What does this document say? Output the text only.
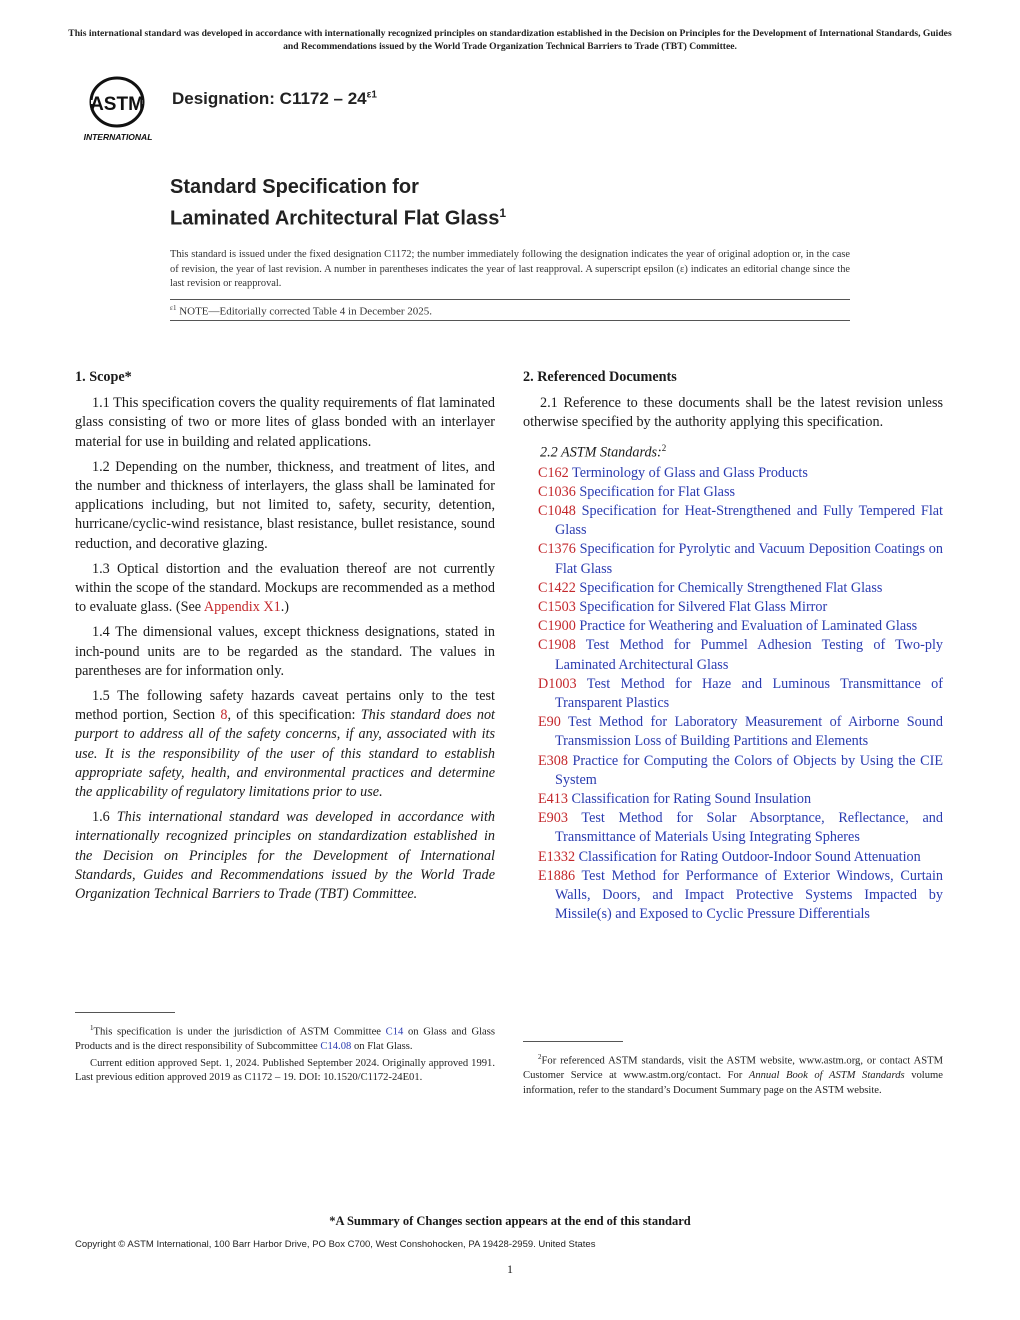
This international standard was developed in accordance with internationally recognized principles on standardization established in the Decision on Principles for the Development of International Standards, Guides and Recommendations issued by the World Trade Organization Technical Barriers to Trade (TBT) Committee.
ASTM
INTERNATIONAL
Designation: $C1172 - 24^{\varepsilon 1}$
Standard Specification for
Laminated Architectural Flat Glass$^1$
This standard is issued under the fixed designation C1172; the number immediately following the designation indicates the year of original adoption or, in the case of revision, the year of last revision. A number in parentheses indicates the year of last reapproval. A superscript epsilon (ε) indicates an editorial change since the last revision or reapproval.
$^{\varepsilon 1}$ NOTE—Editorially corrected Table 4 in December 2025.
1. Scope*

1.1 This specification covers the quality requirements of flat laminated glass consisting of two or more lites of glass bonded with an interlayer material for use in building and related applications.

1.2 Depending on the number, thickness, and treatment of lites, and the number and thickness of interlayers, the glass shall be laminated for applications including, but not limited to, safety, security, detention, hurricane/cyclic-wind resistance, blast resistance, bullet resistance, sound reduction, and decorative glazing.

1.3 Optical distortion and the evaluation thereof are not currently within the scope of the standard. Mockups are recommended as a method to evaluate glass. (See Appendix X1.)

1.4 The dimensional values, except thickness designations, stated in inch-pound units are to be regarded as the standard. The values in parentheses are for information only.

1.5 The following safety hazards caveat pertains only to the test method portion, Section 8, of this specification: This standard does not purport to address all of the safety concerns, if any, associated with its use. It is the responsibility of the user of this standard to establish appropriate safety, health, and environmental practices and determine the applicability of regulatory limitations prior to use.

1.6 This international standard was developed in accordance with internationally recognized principles on standardization established in the Decision on Principles for the Development of International Standards, Guides and Recommendations issued by the World Trade Organization Technical Barriers to Trade (TBT) Committee.

2. Referenced Documents

2.1 Reference to these documents shall be the latest revision unless otherwise specified by the authority applying this specification.

2.2 ASTM Standards:$^2$
C162 Terminology of Glass and Glass Products
C1036 Specification for Flat Glass
C1048 Specification for Heat-Strengthened and Fully Tempered Flat Glass
C1376 Specification for Pyrolytic and Vacuum Deposition Coatings on Flat Glass
C1422 Specification for Chemically Strengthened Flat Glass
C1503 Specification for Silvered Flat Glass Mirror
C1900 Practice for Weathering and Evaluation of Laminated Glass
C1908 Test Method for Pummel Adhesion Testing of Two-ply Laminated Architectural Glass
D1003 Test Method for Haze and Luminous Transmittance of Transparent Plastics
E90 Test Method for Laboratory Measurement of Airborne Sound Transmission Loss of Building Partitions and Elements
E308 Practice for Computing the Colors of Objects by Using the CIE System
E413 Classification for Rating Sound Insulation
E903 Test Method for Solar Absorptance, Reflectance, and Transmittance of Materials Using Integrating Spheres
E1332 Classification for Rating Outdoor-Indoor Sound Attenuation
E1886 Test Method for Performance of Exterior Windows, Curtain Walls, Doors, and Impact Protective Systems Impacted by Missile(s) and Exposed to Cyclic Pressure Differentials

$^1$This specification is under the jurisdiction of ASTM Committee C14 on Glass and Glass Products and is the direct responsibility of Subcommittee C14.08 on Flat Glass.

Current edition approved Sept. 1, 2024. Published September 2024. Originally approved 1991. Last previous edition approved 2019 as C1172 – 19. DOI: 10.1520/C1172-24E01.

$^2$For referenced ASTM standards, visit the ASTM website, www.astm.org, or contact ASTM Customer Service at www.astm.org/contact. For Annual Book of ASTM Standards volume information, refer to the standard’s Document Summary page on the ASTM website.

*A Summary of Changes section appears at the end of this standard
Copyright © ASTM International, 100 Barr Harbor Drive, PO Box C700, West Conshohocken, PA 19428-2959. United States
1
